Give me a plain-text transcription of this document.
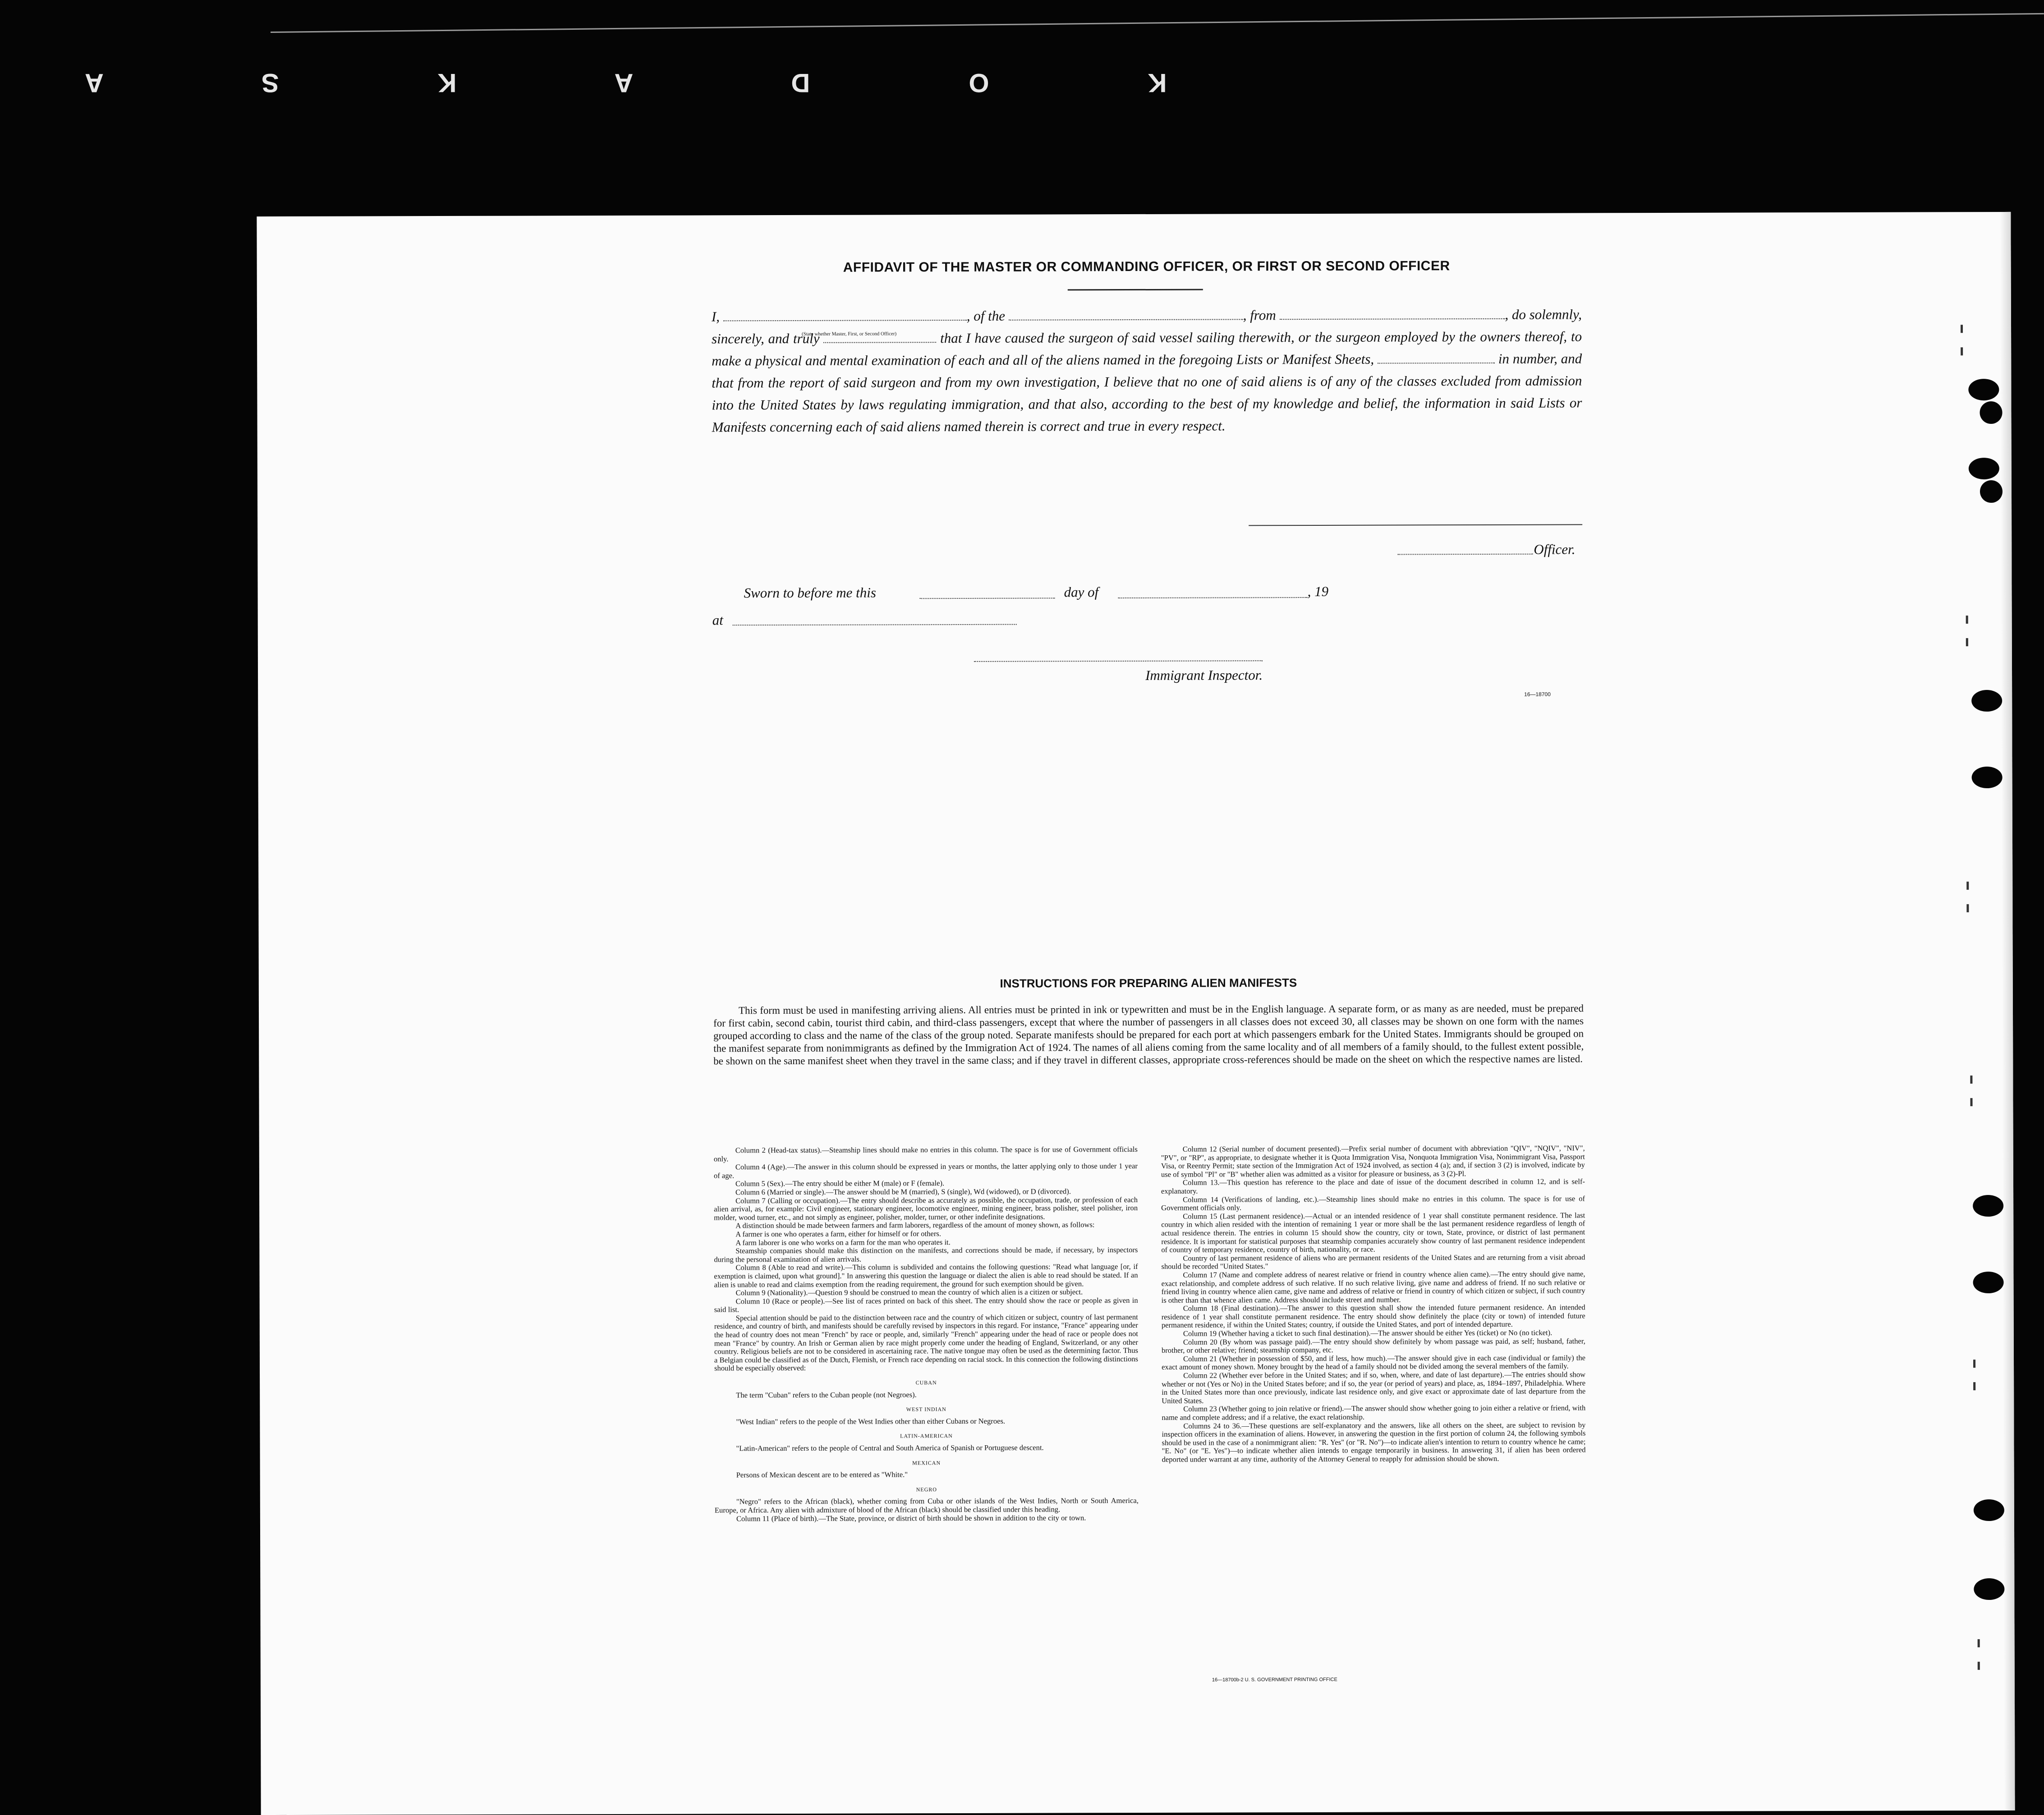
K O D A K S A
AFFIDAVIT OF THE MASTER OR COMMANDING OFFICER, OR FIRST OR SECOND OFFICER
(State whether Master, First, or Second Officer)
I,	, of the	, from	, do solemnly, sincerely, and truly	that I have caused the surgeon of said vessel sailing therewith, or the surgeon employed by the owners thereof, to make a physical and mental examination of each and all of the aliens named in the foregoing Lists or Manifest Sheets,	in number, and that from the report of said surgeon and from my own investigation, I believe that no one of said aliens is of any of the classes excluded from admission into the United States by laws regulating immigration, and that also, according to the best of my knowledge and belief, the information in said Lists or Manifests concerning each of said aliens named therein is correct and true in every respect.
Officer.
Sworn to before me this	day of	, 19
at
Immigrant Inspector.
16—18700
INSTRUCTIONS FOR PREPARING ALIEN MANIFESTS
This form must be used in manifesting arriving aliens. All entries must be printed in ink or typewritten and must be in the English language. A separate form, or as many as are needed, must be prepared for first cabin, second cabin, tourist third cabin, and third-class passengers, except that where the number of passengers in all classes does not exceed 30, all classes may be shown on one form with the names grouped according to class and the name of the class of the group noted. Separate manifests should be prepared for each port at which passengers embark for the United States. Immigrants should be grouped on the manifest separate from nonimmigrants as defined by the Immigration Act of 1924. The names of all aliens coming from the same locality and of all members of a family should, to the fullest extent possible, be shown on the same manifest sheet when they travel in the same class; and if they travel in different classes, appropriate cross-references should be made on the sheet on which the respective names are listed.

Column 2 (Head-tax status).—Steamship lines should make no entries in this column. The space is for use of Government officials only.

Column 4 (Age).—The answer in this column should be expressed in years or months, the latter applying only to those under 1 year of age.

Column 5 (Sex).—The entry should be either M (male) or F (female).

Column 6 (Married or single).—The answer should be M (married), S (single), Wd (widowed), or D (divorced).

Column 7 (Calling or occupation).—The entry should describe as accurately as possible, the occupation, trade, or profession of each alien arrival, as, for example: Civil engineer, stationary engineer, locomotive engineer, mining engineer, brass polisher, steel polisher, iron molder, wood turner, etc., and not simply as engineer, polisher, molder, turner, or other indefinite designations.

A distinction should be made between farmers and farm laborers, regardless of the amount of money shown, as follows:

A farmer is one who operates a farm, either for himself or for others.

A farm laborer is one who works on a farm for the man who operates it.

Steamship companies should make this distinction on the manifests, and corrections should be made, if necessary, by inspectors during the personal examination of alien arrivals.

Column 8 (Able to read and write).—This column is subdivided and contains the following questions: "Read what language [or, if exemption is claimed, upon what ground]." In answering this question the language or dialect the alien is able to read should be stated. If an alien is unable to read and claims exemption from the reading requirement, the ground for such exemption should be given.

Column 9 (Nationality).—Question 9 should be construed to mean the country of which alien is a citizen or subject.

Column 10 (Race or people).—See list of races printed on back of this sheet. The entry should show the race or people as given in said list.

Special attention should be paid to the distinction between race and the country of which citizen or subject, country of last permanent residence, and country of birth, and manifests should be carefully revised by inspectors in this regard. For instance, "France" appearing under the head of country does not mean "French" by race or people, and, similarly "French" appearing under the head of race or people does not mean "France" by country. An Irish or German alien by race might properly come under the heading of England, Switzerland, or any other country. Religious beliefs are not to be considered in ascertaining race. The native tongue may often be used as the determining factor. Thus a Belgian could be classified as of the Dutch, Flemish, or French race depending on racial stock. In this connection the following distinctions should be especially observed:

CUBAN

The term "Cuban" refers to the Cuban people (not Negroes).

WEST INDIAN

"West Indian" refers to the people of the West Indies other than either Cubans or Negroes.

LATIN-AMERICAN

"Latin-American" refers to the people of Central and South America of Spanish or Portuguese descent.

MEXICAN

Persons of Mexican descent are to be entered as "White."

NEGRO

"Negro" refers to the African (black), whether coming from Cuba or other islands of the West Indies, North or South America, Europe, or Africa. Any alien with admixture of blood of the African (black) should be classified under this heading.

Column 11 (Place of birth).—The State, province, or district of birth should be shown in addition to the city or town.

Column 12 (Serial number of document presented).—Prefix serial number of document with abbreviation "QIV", "NQIV", "NIV", "PV", or "RP", as appropriate, to designate whether it is Quota Immigration Visa, Nonquota Immigration Visa, Nonimmigrant Visa, Passport Visa, or Reentry Permit; state section of the Immigration Act of 1924 involved, as section 4 (a); and, if section 3 (2) is involved, indicate by use of symbol "Pl" or "B" whether alien was admitted as a visitor for pleasure or business, as 3 (2)-Pl.

Column 13.—This question has reference to the place and date of issue of the document described in column 12, and is self-explanatory.

Column 14 (Verifications of landing, etc.).—Steamship lines should make no entries in this column. The space is for use of Government officials only.

Column 15 (Last permanent residence).—Actual or an intended residence of 1 year shall constitute permanent residence. The last country in which alien resided with the intention of remaining 1 year or more shall be the last permanent residence regardless of length of actual residence therein. The entries in column 15 should show the country, city or town, State, province, or district of last permanent residence. It is important for statistical purposes that steamship companies accurately show country of last permanent residence independent of country of temporary residence, country of birth, nationality, or race.

Country of last permanent residence of aliens who are permanent residents of the United States and are returning from a visit abroad should be recorded "United States."

Column 17 (Name and complete address of nearest relative or friend in country whence alien came).—The entry should give name, exact relationship, and complete address of such relative. If no such relative living, give name and address of friend. If no such relative or friend living in country whence alien came, give name and address of relative or friend in country of which citizen or subject, if such country is other than that whence alien came. Address should include street and number.

Column 18 (Final destination).—The answer to this question shall show the intended future permanent residence. An intended residence of 1 year shall constitute permanent residence. The entry should show definitely the place (city or town) of intended future permanent residence, if within the United States; country, if outside the United States, and port of intended departure.

Column 19 (Whether having a ticket to such final destination).—The answer should be either Yes (ticket) or No (no ticket).

Column 20 (By whom was passage paid).—The entry should show definitely by whom passage was paid, as self; husband, father, brother, or other relative; friend; steamship company, etc.

Column 21 (Whether in possession of $50, and if less, how much).—The answer should give in each case (individual or family) the exact amount of money shown. Money brought by the head of a family should not be divided among the several members of the family.

Column 22 (Whether ever before in the United States; and if so, when, where, and date of last departure).—The entries should show whether or not (Yes or No) in the United States before; and if so, the year (or period of years) and place, as, 1894–1897, Philadelphia. Where in the United States more than once previously, indicate last residence only, and give exact or approximate date of last departure from the United States.

Column 23 (Whether going to join relative or friend).—The answer should show whether going to join either a relative or friend, with name and complete address; and if a relative, the exact relationship.

Columns 24 to 36.—These questions are self-explanatory and the answers, like all others on the sheet, are subject to revision by inspection officers in the examination of aliens. However, in answering the question in the first portion of column 24, the following symbols should be used in the case of a nonimmigrant alien: "R. Yes" (or "R. No")—to indicate alien's intention to return to country whence he came; "E. No" (or "E. Yes")—to indicate whether alien intends to engage temporarily in business. In answering 31, if alien has been ordered deported under warrant at any time, authority of the Attorney General to reapply for admission should be shown.

16—18700b-2 U. S. GOVERNMENT PRINTING OFFICE
